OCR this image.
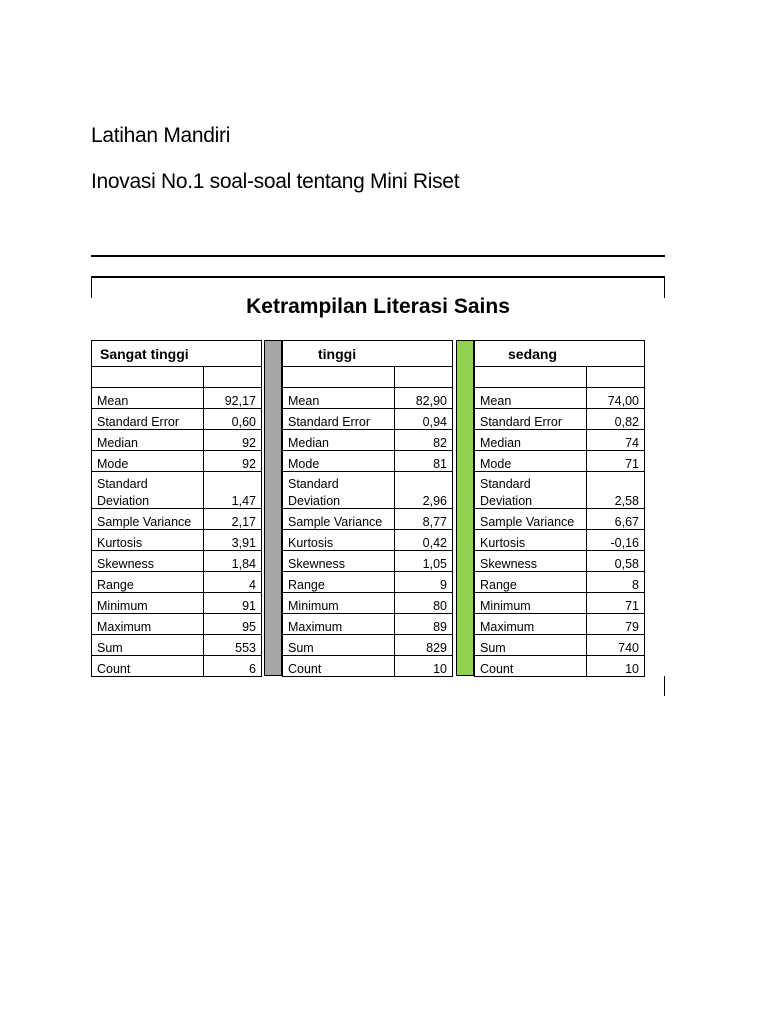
Latihan Mandiri
Inovasi No.1 soal-soal tentang Mini Riset
Ketrampilan Literasi Sains
Sangat tinggi	

Mean	92,17
Standard Error	0,60
Median	92
Mode	92

Standard
Deviation	1,47
Sample Variance	2,17
Kurtosis	3,91
Skewness	1,84
Range	4
Minimum	91
Maximum	95
Sum	553
Count	6
tinggi	

Mean	82,90
Standard Error	0,94
Median	82
Mode	81

Standard
Deviation	2,96
Sample Variance	8,77
Kurtosis	0,42
Skewness	1,05
Range	9
Minimum	80
Maximum	89
Sum	829
Count	10
sedang	

Mean	74,00
Standard Error	0,82
Median	74
Mode	71

Standard
Deviation	2,58
Sample Variance	6,67
Kurtosis	-0,16
Skewness	0,58
Range	8
Minimum	71
Maximum	79
Sum	740
Count	10
